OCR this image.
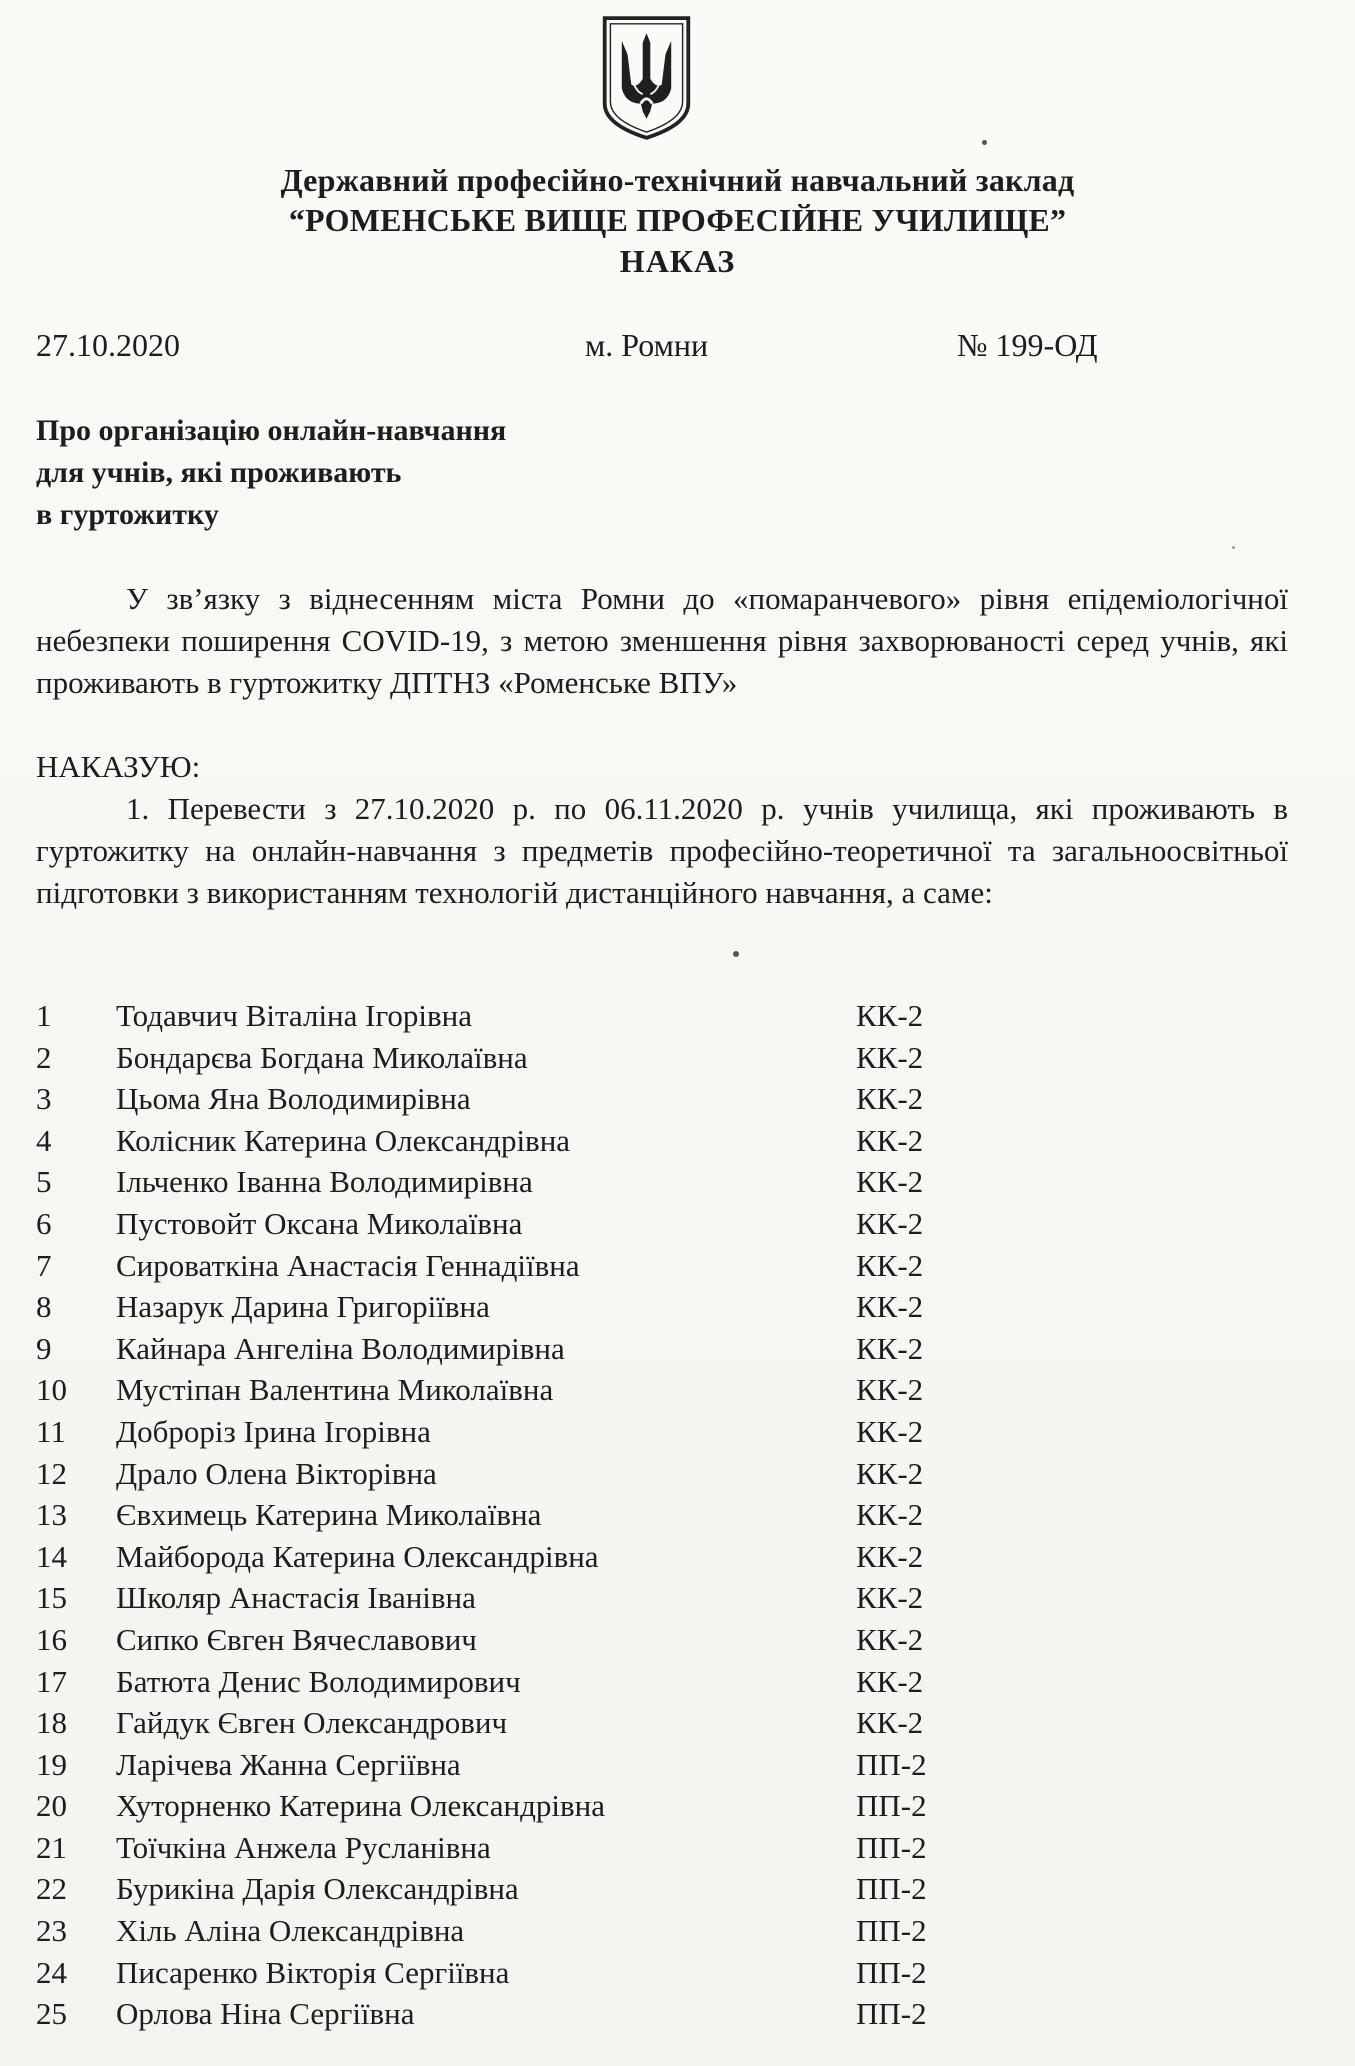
Державний професійно-технічний навчальний заклад
“РОМЕНСЬКЕ ВИЩЕ ПРОФЕСІЙНЕ УЧИЛИЩЕ”
НАКАЗ
27.10.2020	м. Ромни	№ 199-ОД
Про організацію онлайн-навчання
для учнів, які проживають
в гуртожитку
У зв’язку з віднесенням міста Ромни до «помаранчевого» рівня епідеміологічної небезпеки поширення COVID-19, з метою зменшення рівня захворюваності серед учнів, які проживають в гуртожитку ДПТНЗ «Роменське ВПУ»
НАКАЗУЮ:
1. Перевести з 27.10.2020 р. по 06.11.2020 р. учнів училища, які проживають в гуртожитку на онлайн-навчання з предметів професійно-теоретичної та загальноосвітньої підготовки з використанням технологій дистанційного навчання, а саме:
1	Тодавчич Віталіна Ігорівна	КК-2
2	Бондарєва Богдана Миколаївна	КК-2
3	Цьома Яна Володимирівна	КК-2
4	Колісник Катерина Олександрівна	КК-2
5	Ільченко Іванна Володимирівна	КК-2
6	Пустовойт Оксана Миколаївна	КК-2
7	Сироваткіна Анастасія Геннадіївна	КК-2
8	Назарук Дарина Григоріївна	КК-2
9	Кайнара Ангеліна Володимирівна	КК-2
10	Мустіпан Валентина Миколаївна	КК-2
11	Доброріз Ірина Ігорівна	КК-2
12	Драло Олена Вікторівна	КК-2
13	Євхимець Катерина Миколаївна	КК-2
14	Майборода Катерина Олександрівна	КК-2
15	Школяр Анастасія Іванівна	КК-2
16	Сипко Євген Вячеславович	КК-2
17	Батюта Денис Володимирович	КК-2
18	Гайдук Євген Олександрович	КК-2
19	Ларічева Жанна Сергіївна	ПП-2
20	Хуторненко Катерина Олександрівна	ПП-2
21	Тоїчкіна Анжела Русланівна	ПП-2
22	Бурикіна Дарія Олександрівна	ПП-2
23	Хіль Аліна Олександрівна	ПП-2
24	Писаренко Вікторія Сергіївна	ПП-2
25	Орлова Ніна Сергіївна	ПП-2
